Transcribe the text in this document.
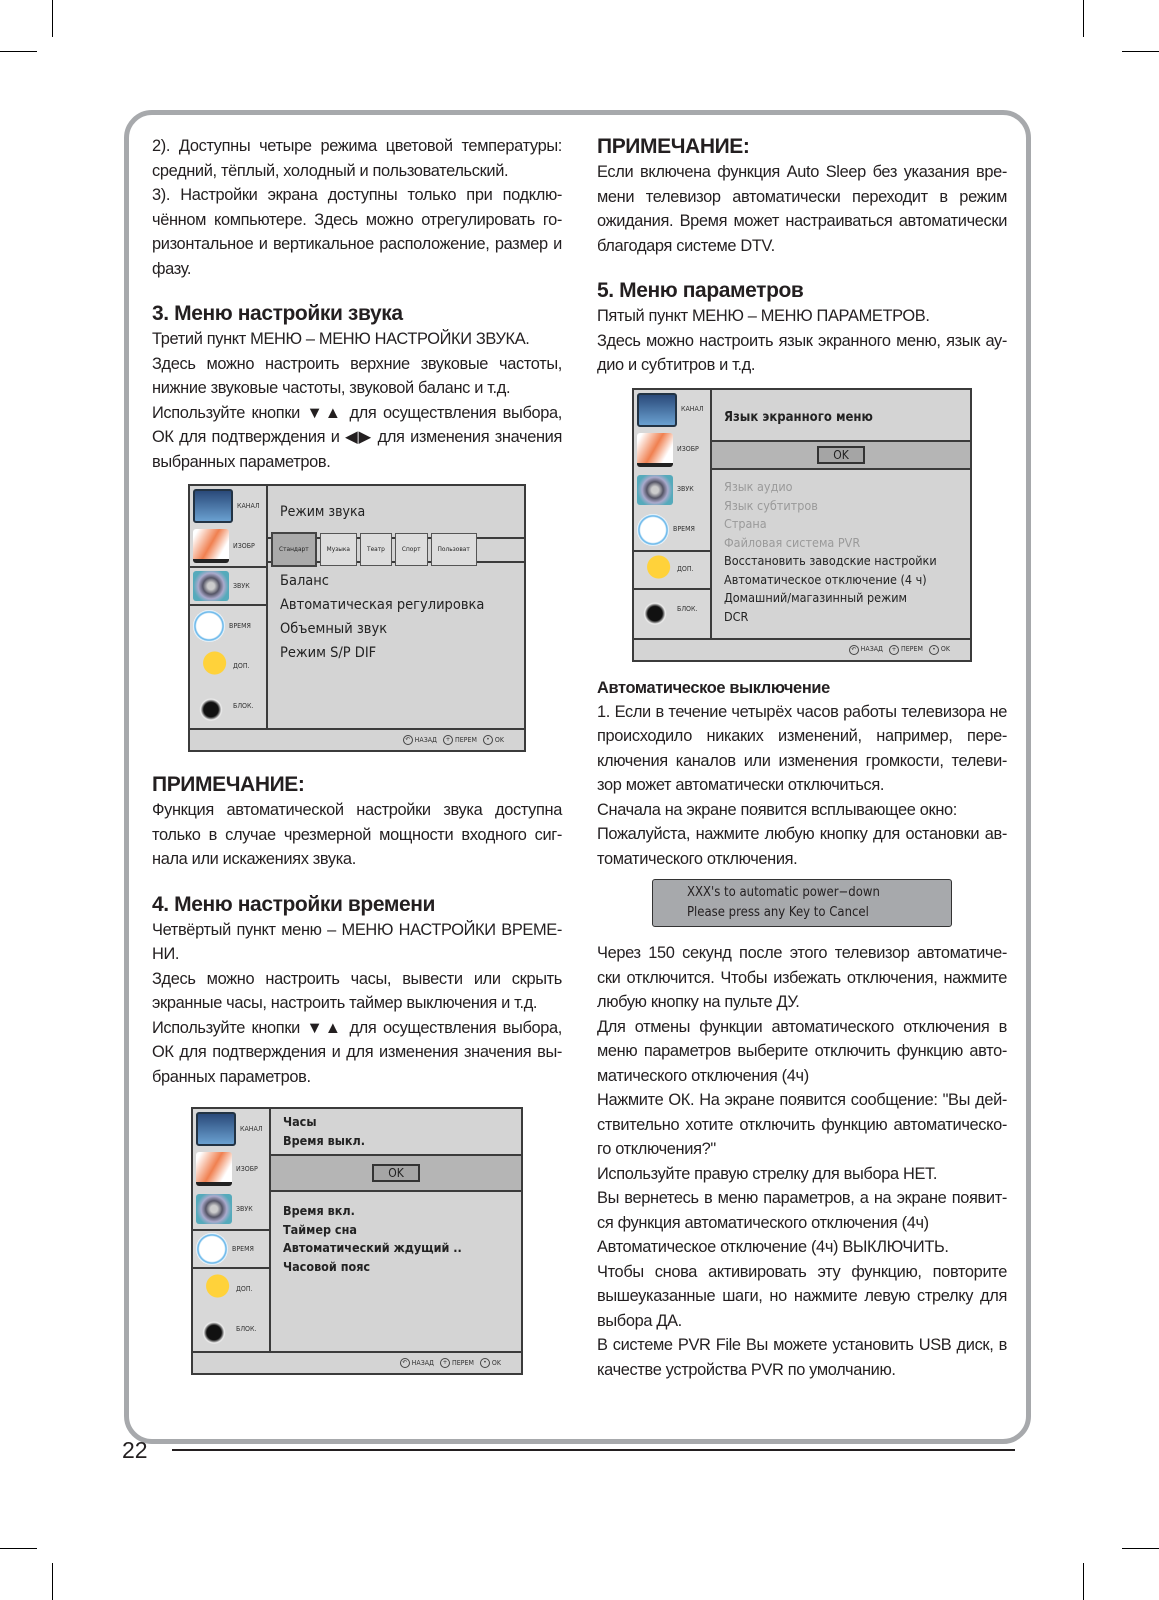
2). Доступны четыре режима цветовой температуры: средний, тёплый, холодный и пользовательский.

3). Настройки экрана доступны только при подклю-чённом компьютере. Здесь можно отрегулировать го-ризонтальное и вертикальное расположение, размер и фазу.

3. Меню настройки звука

Третий пункт МЕНЮ – МЕНЮ НАСТРОЙКИ ЗВУКА.

Здесь можно настроить верхние звуковые частоты, нижние звуковые частоты, звуковой баланс и т.д.

Используйте кнопки ▼▲ для осуществления выбора, ОК для подтверждения и ◀▶ для изменения значения выбранных параметров.

КАНАЛ
ИЗОБР
ЗВУК
ВРЕМЯ
ДОП.
БЛОК.
Режим звука
Стандарт	Музыка	Театр	Спорт	Пользоват
Баланс
Автоматическая регулировка
Объемный звук
Режим S/P DIF
↶ НАЗАД	+ ПЕРЕМ	• OK
ПРИМЕЧАНИЕ:

Функция автоматической настройки звука доступна только в случае чрезмерной мощности входного сиг-нала или искажениях звука.

4. Меню настройки времени

Четвёртый пункт меню – МЕНЮ НАСТРОЙКИ ВРЕМЕ-НИ.

Здесь можно настроить часы, вывести или скрыть экранные часы, настроить таймер выключения и т.д.

Используйте кнопки ▼▲ для осуществления выбора, ОК для подтверждения и для изменения значения вы-бранных параметров.

КАНАЛ
ИЗОБР
ЗВУК
ВРЕМЯ
ДОП.
БЛОК.
Часы
Время выкл.
OK
Время вкл.
Таймер сна
Автоматический ждущий ..
Часовой пояс
↶ НАЗАД	+ ПЕРЕМ	• OK
ПРИМЕЧАНИЕ:

Если включена функция Auto Sleep без указания вре-мени телевизор автоматически переходит в режим ожидания. Время может настраиваться автоматически благодаря системе DTV.

5. Меню параметров

Пятый пункт МЕНЮ – МЕНЮ ПАРАМЕТРОВ.

Здесь можно настроить язык экранного меню, язык ау-дио и субтитров и т.д.

КАНАЛ
ИЗОБР
ЗВУК
ВРЕМЯ
ДОП.
БЛОК.
Язык экранного меню
OK
Язык аудио
Язык субтитров
Страна
Файловая система PVR
Восстановить заводские настройки
Автоматическое отключение (4 ч)
Домашний/магазинный режим
DCR
↶ НАЗАД	+ ПЕРЕМ	• OK
Автоматическое выключение

1. Если в течение четырёх часов работы телевизора не происходило никаких изменений, например, пере-ключения каналов или изменения громкости, телеви-зор может автоматически отключиться.

Сначала на экране появится всплывающее окно:

Пожалуйста, нажмите любую кнопку для остановки ав-томатического отключения.

XXX's to automatic power−down
Please press any Key to Cancel

Через 150 секунд после этого телевизор автоматиче-ски отключится. Чтобы избежать отключения, нажмите любую кнопку на пульте ДУ.

Для отмены функции автоматического отключения в меню параметров выберите отключить функцию авто-матического отключения (4ч)

Нажмите ОК. На экране появится сообщение: "Вы дей-ствительно хотите отключить функцию автоматическо-го отключения?"

Используйте правую стрелку для выбора НЕТ.

Вы вернетесь в меню параметров, а на экране появит-ся функция автоматического отключения (4ч)

Автоматическое отключение (4ч) ВЫКЛЮЧИТЬ.

Чтобы снова активировать эту функцию, повторите вышеуказанные шаги, но нажмите левую стрелку для выбора ДА.

В системе PVR File Вы можете установить USB диск, в качестве устройства PVR по умолчанию.

22
